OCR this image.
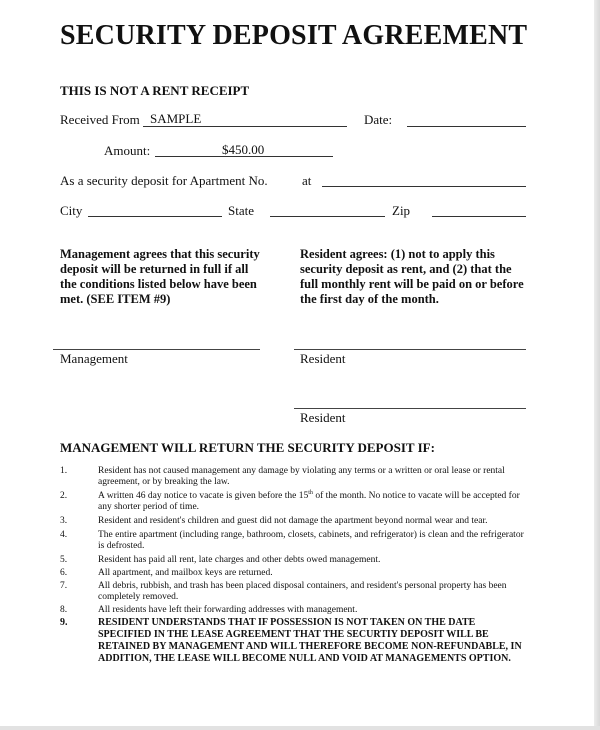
SECURITY DEPOSIT AGREEMENT
THIS IS NOT A RENT RECEIPT
Received From SAMPLE	Date:
Amount:	$450.00
As a security deposit for Apartment No.	at
City	State	Zip
Management agrees that this security deposit will be returned in full if all the conditions listed below have been met. (SEE ITEM #9)
Resident agrees: (1) not to apply this security deposit as rent, and (2) that the full monthly rent will be paid on or before the first day of the month.
Management	Resident
Resident
MANAGEMENT WILL RETURN THE SECURITY DEPOSIT IF:
1.	Resident has not caused management any damage by violating any terms or a written or oral lease or rental agreement, or by breaking the law.
2.	A written 46 day notice to vacate is given before the 15th of the month. No notice to vacate will be accepted for any shorter period of time.
3.	Resident and resident's children and guest did not damage the apartment beyond normal wear and tear.
4.	The entire apartment (including range, bathroom, closets, cabinets, and refrigerator) is clean and the refrigerator is defrosted.
5.	Resident has paid all rent, late charges and other debts owed management.
6.	All apartment, and mailbox keys are returned.
7.	All debris, rubbish, and trash has been placed disposal containers, and resident's personal property has been completely removed.
8.	All residents have left their forwarding addresses with management.
9.	RESIDENT UNDERSTANDS THAT IF POSSESSION IS NOT TAKEN ON THE DATE SPECIFIED IN THE LEASE AGREEMENT THAT THE SECURTIY DEPOSIT WILL BE RETAINED BY MANAGEMENT AND WILL THEREFORE BECOME NON-REFUNDABLE, IN ADDITION, THE LEASE WILL BECOME NULL AND VOID AT MANAGEMENTS OPTION.
